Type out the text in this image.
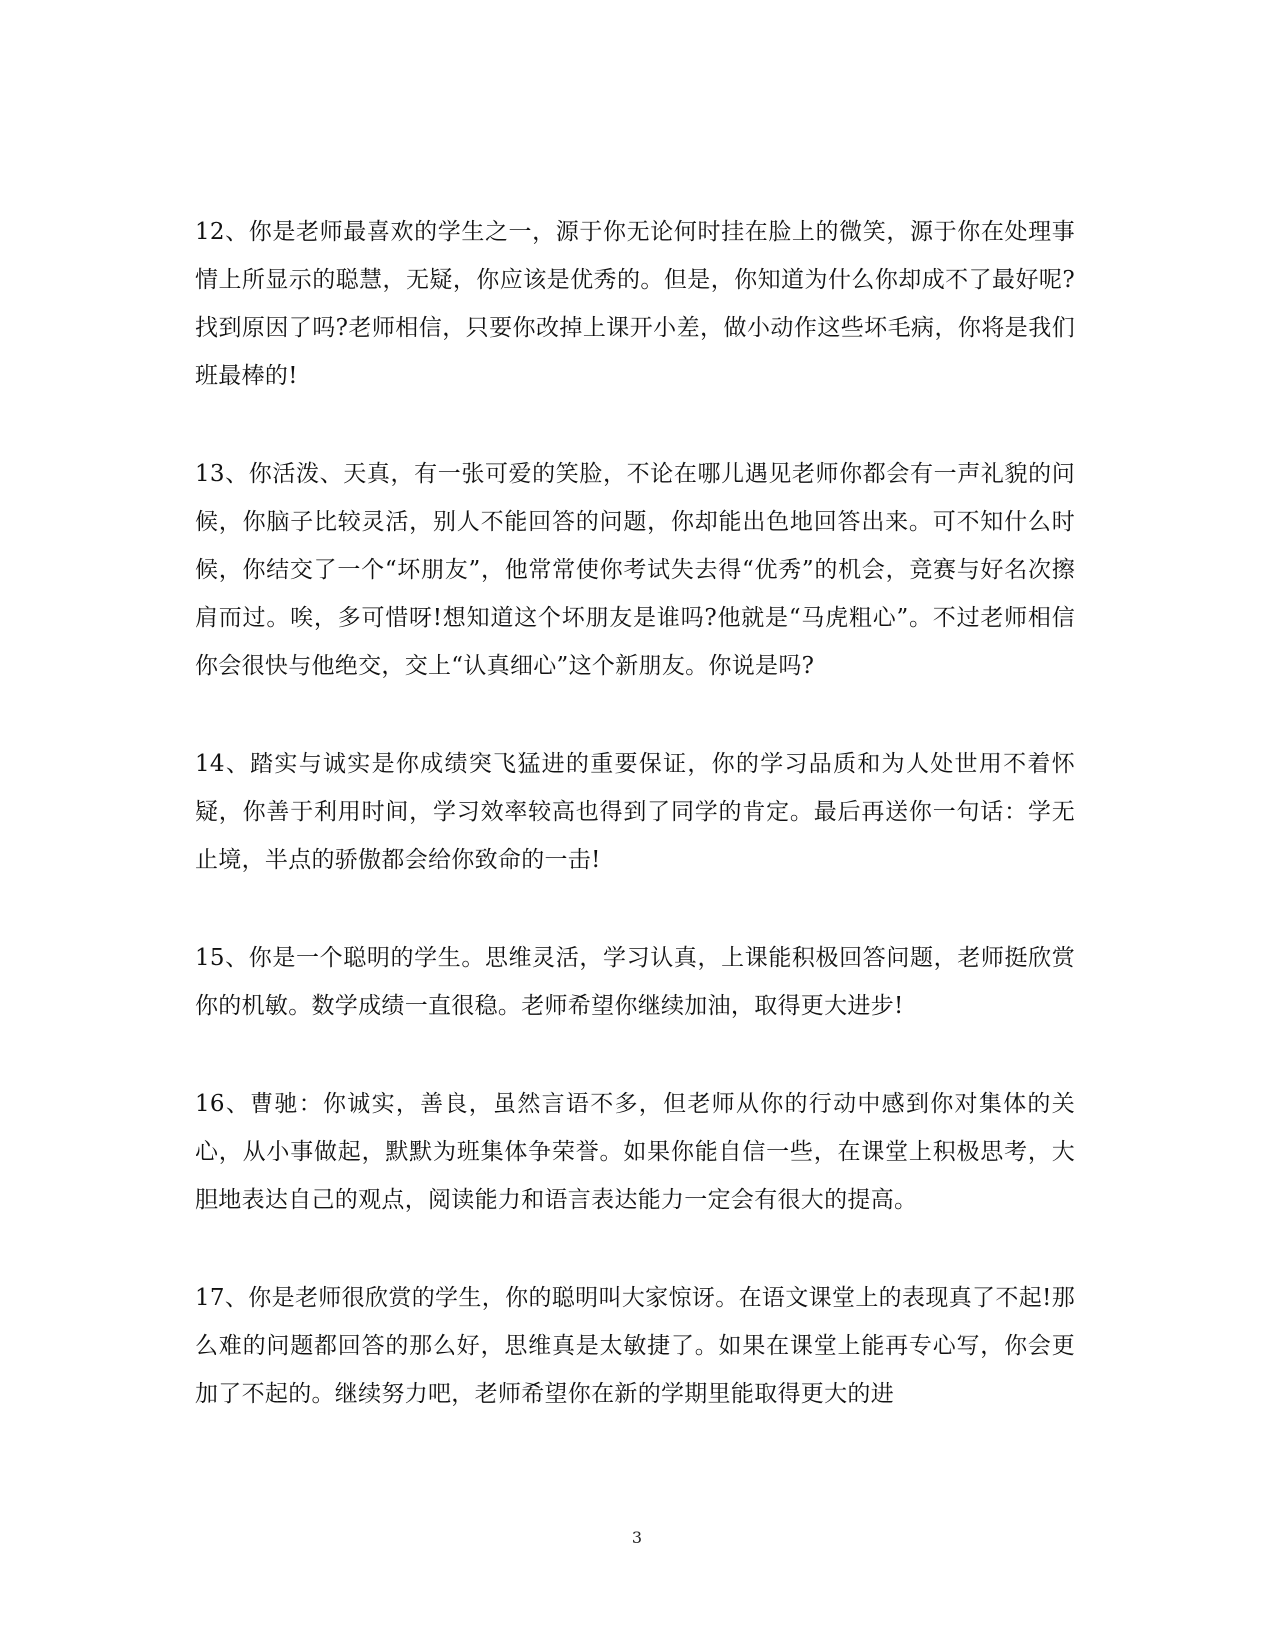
12、你是老师最喜欢的学生之一，源于你无论何时挂在脸上的微笑，源于你在处理事情上所显示的聪慧，无疑，你应该是优秀的。但是，你知道为什么你却成不了最好呢?找到原因了吗?老师相信，只要你改掉上课开小差，做小动作这些坏毛病，你将是我们班最棒的!

13、你活泼、天真，有一张可爱的笑脸，不论在哪儿遇见老师你都会有一声礼貌的问候，你脑子比较灵活，别人不能回答的问题，你却能出色地回答出来。可不知什么时候，你结交了一个“坏朋友”，他常常使你考试失去得“优秀”的机会，竞赛与好名次擦肩而过。唉，多可惜呀!想知道这个坏朋友是谁吗?他就是“马虎粗心”。不过老师相信你会很快与他绝交，交上“认真细心”这个新朋友。你说是吗?

14、踏实与诚实是你成绩突飞猛进的重要保证，你的学习品质和为人处世用不着怀疑，你善于利用时间，学习效率较高也得到了同学的肯定。最后再送你一句话：学无止境，半点的骄傲都会给你致命的一击!

15、你是一个聪明的学生。思维灵活，学习认真，上课能积极回答问题，老师挺欣赏你的机敏。数学成绩一直很稳。老师希望你继续加油，取得更大进步!

16、曹驰：你诚实，善良，虽然言语不多，但老师从你的行动中感到你对集体的关心，从小事做起，默默为班集体争荣誉。如果你能自信一些，在课堂上积极思考，大胆地表达自己的观点，阅读能力和语言表达能力一定会有很大的提高。

17、你是老师很欣赏的学生，你的聪明叫大家惊讶。在语文课堂上的表现真了不起!那么难的问题都回答的那么好，思维真是太敏捷了。如果在课堂上能再专心写，你会更加了不起的。继续努力吧，老师希望你在新的学期里能取得更大的进

3
